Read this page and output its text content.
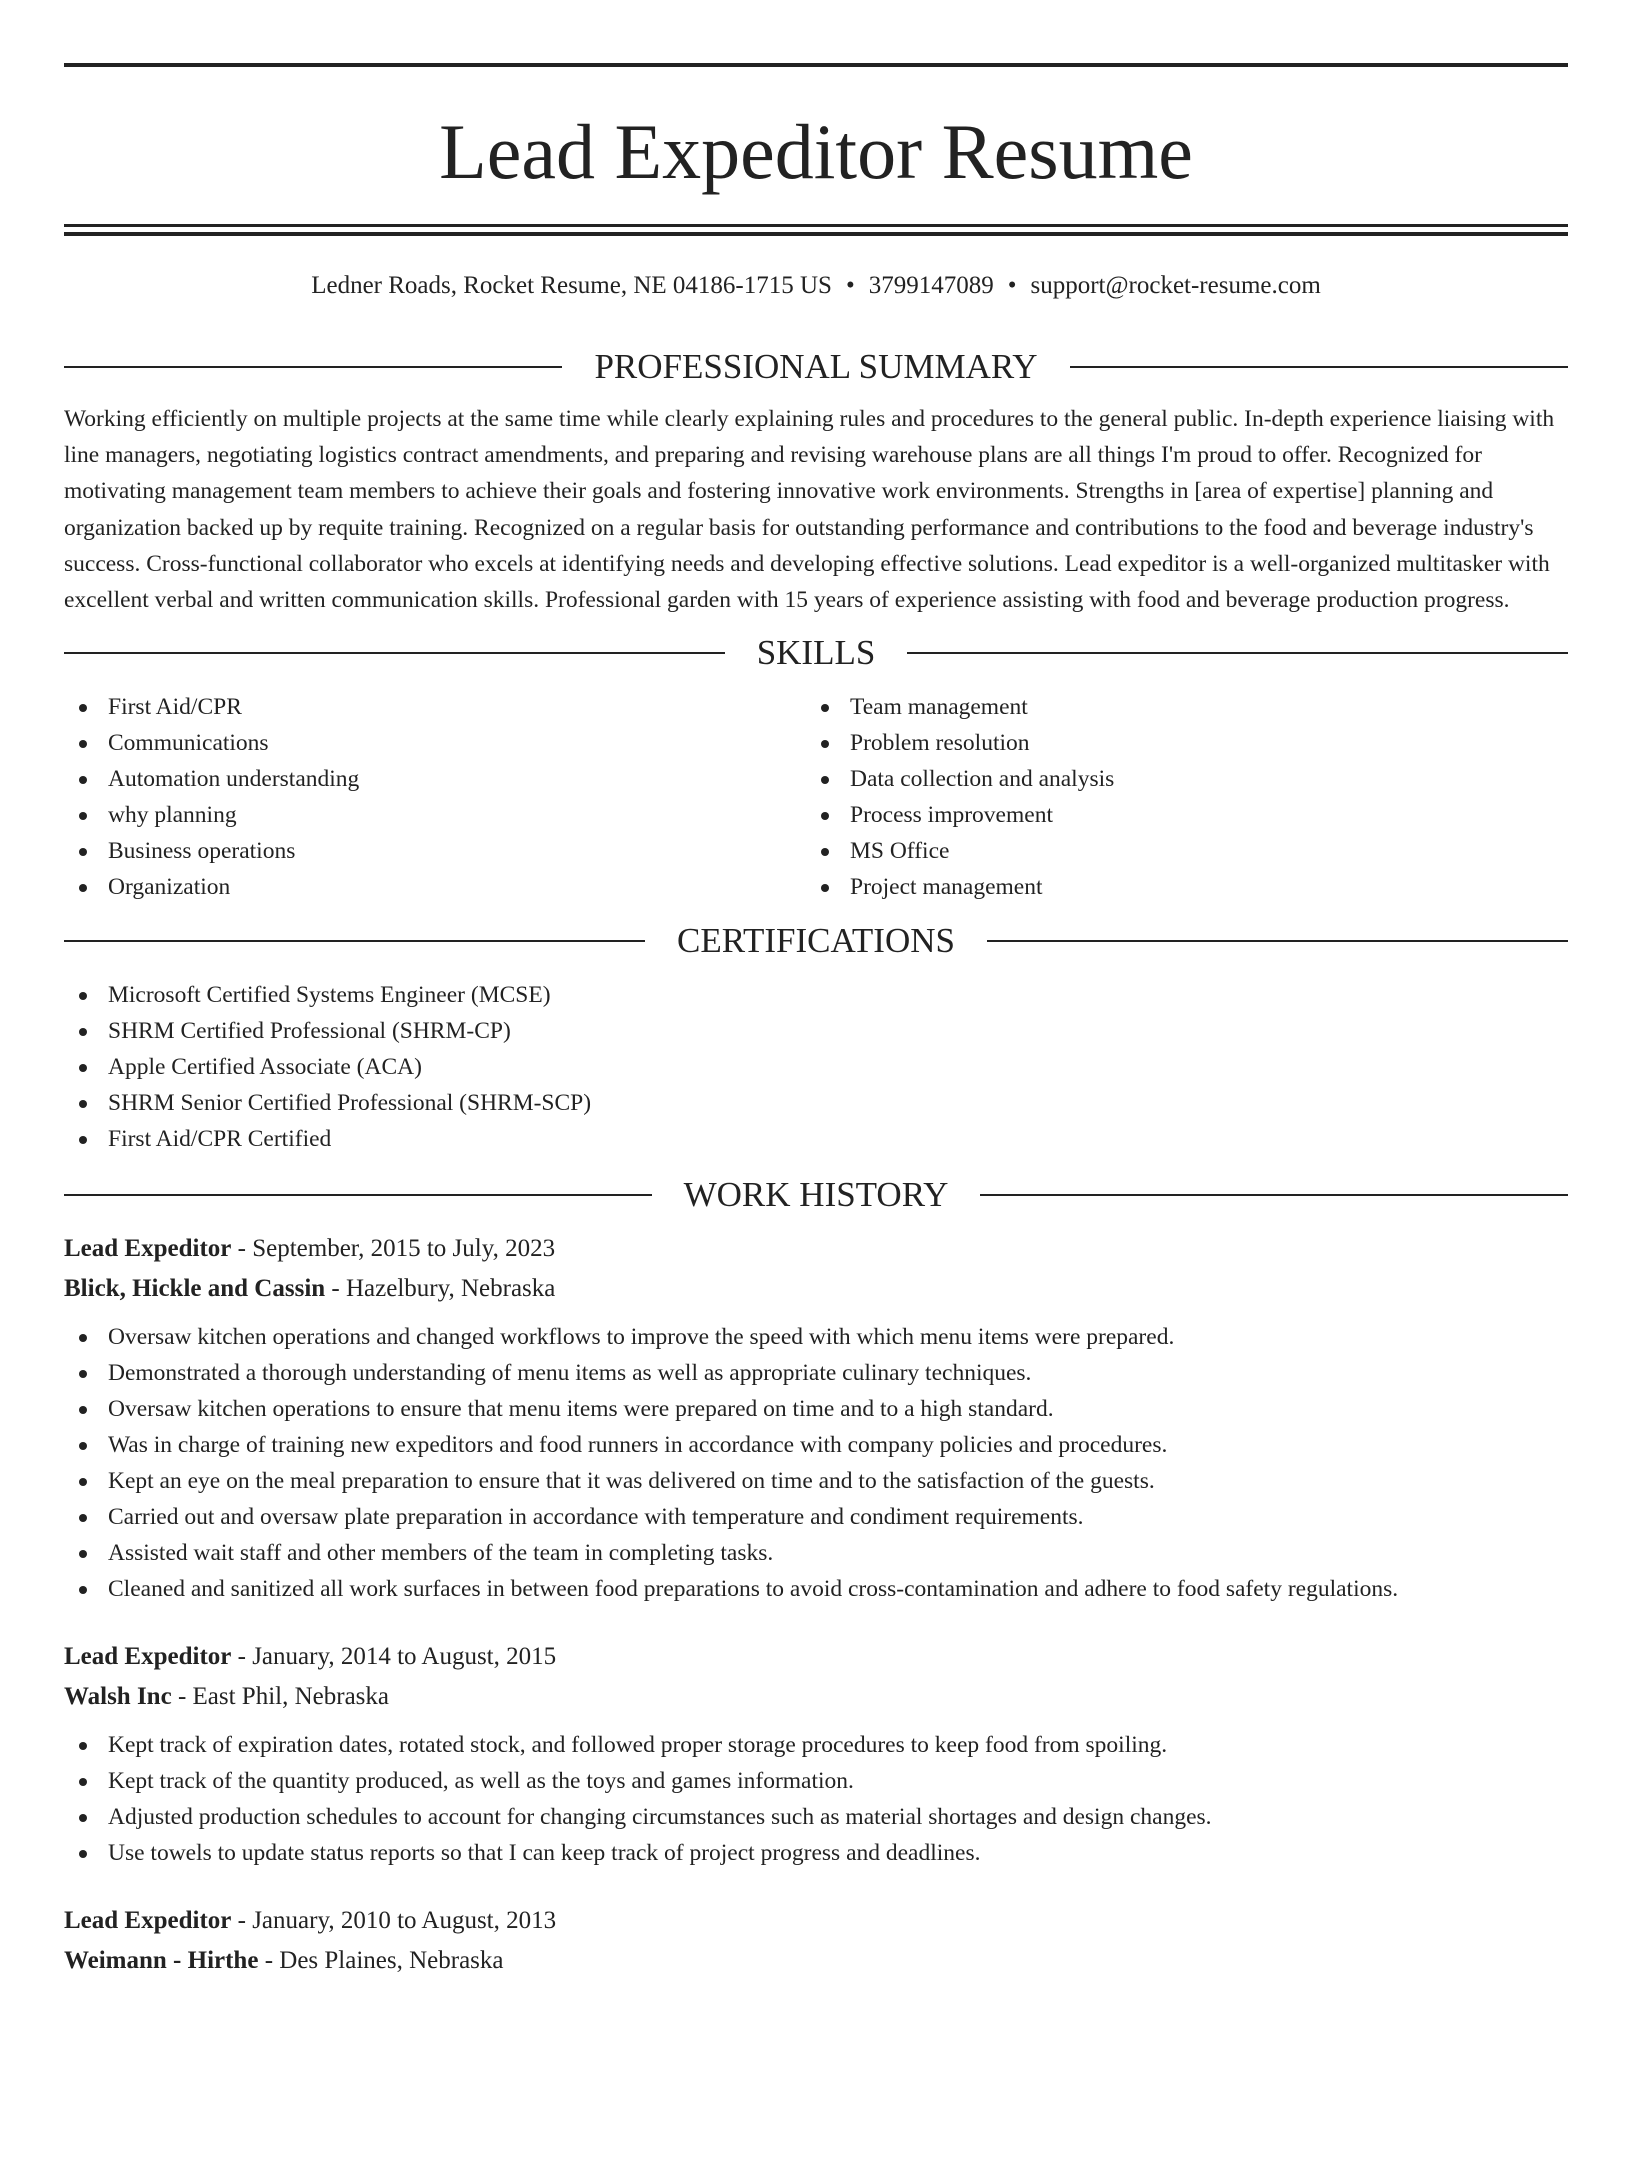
Lead Expeditor Resume
Ledner Roads, Rocket Resume, NE 04186-1715 US • 3799147089 • support@rocket-resume.com
PROFESSIONAL SUMMARY

Working efficiently on multiple projects at the same time while clearly explaining rules and procedures to the general public. In-depth experience liaising with line managers, negotiating logistics contract amendments, and preparing and revising warehouse plans are all things I'm proud to offer. Recognized for motivating management team members to achieve their goals and fostering innovative work environments. Strengths in [area of expertise] planning and organization backed up by requite training. Recognized on a regular basis for outstanding performance and contributions to the food and beverage industry's success. Cross-functional collaborator who excels at identifying needs and developing effective solutions. Lead expeditor is a well-organized multitasker with excellent verbal and written communication skills. Professional garden with 15 years of experience assisting with food and beverage production progress.

SKILLS
First Aid/CPR
Communications
Automation understanding
why planning
Business operations
Organization
Team management
Problem resolution
Data collection and analysis
Process improvement
MS Office
Project management
CERTIFICATIONS
Microsoft Certified Systems Engineer (MCSE)
SHRM Certified Professional (SHRM-CP)
Apple Certified Associate (ACA)
SHRM Senior Certified Professional (SHRM-SCP)
First Aid/CPR Certified
WORK HISTORY
Lead Expeditor - September, 2015 to July, 2023
Blick, Hickle and Cassin - Hazelbury, Nebraska
Oversaw kitchen operations and changed workflows to improve the speed with which menu items were prepared.
Demonstrated a thorough understanding of menu items as well as appropriate culinary techniques.
Oversaw kitchen operations to ensure that menu items were prepared on time and to a high standard.
Was in charge of training new expeditors and food runners in accordance with company policies and procedures.
Kept an eye on the meal preparation to ensure that it was delivered on time and to the satisfaction of the guests.
Carried out and oversaw plate preparation in accordance with temperature and condiment requirements.
Assisted wait staff and other members of the team in completing tasks.
Cleaned and sanitized all work surfaces in between food preparations to avoid cross-contamination and adhere to food safety regulations.
Lead Expeditor - January, 2014 to August, 2015
Walsh Inc - East Phil, Nebraska
Kept track of expiration dates, rotated stock, and followed proper storage procedures to keep food from spoiling.
Kept track of the quantity produced, as well as the toys and games information.
Adjusted production schedules to account for changing circumstances such as material shortages and design changes.
Use towels to update status reports so that I can keep track of project progress and deadlines.
Lead Expeditor - January, 2010 to August, 2013
Weimann - Hirthe - Des Plaines, Nebraska
